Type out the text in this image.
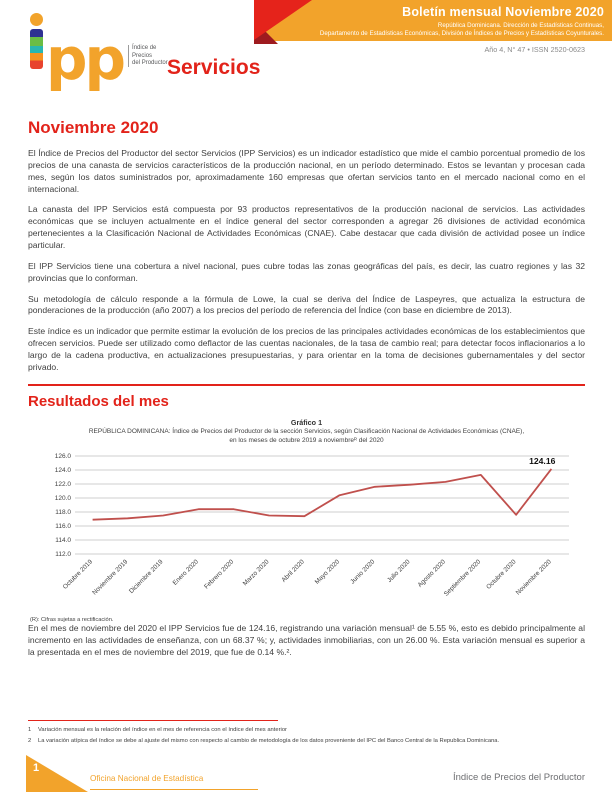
Boletín mensual Noviembre 2020
República Dominicana. Dirección de Estadísticas Continuas,
Departamento de Estadísticas Económicas, División de Índices de Precios y Estadísticas Coyunturales.
Año 4, N° 47 • ISSN 2520-0623
pp Índice de
Precios
del Productor Servicios
Noviembre 2020

El Índice de Precios del Productor del sector Servicios (IPP Servicios) es un indicador estadístico que mide el cambio porcentual promedio de los precios de una canasta de servicios característicos de la producción nacional, en un período determinado. Estos se levantan y procesan cada mes, según los datos suministrados por, aproximadamente 160 empresas que ofertan servicios tanto en el mercado nacional como en el internacional.

La canasta del IPP Servicios está compuesta por 93 productos representativos de la producción nacional de servicios. Las actividades económicas que se incluyen actualmente en el índice general del sector corresponden a agregar 26 divisiones de actividad económica pertenecientes a la Clasificación Nacional de Actividades Económicas (CNAE). Cabe destacar que cada división de actividad posee un índice particular.

El IPP Servicios tiene una cobertura a nivel nacional, pues cubre todas las zonas geográficas del país, es decir, las cuatro regiones y las 32 provincias que lo conforman.

Su metodología de cálculo responde a la fórmula de Lowe, la cual se deriva del Índice de Laspeyres, que actualiza la estructura de ponderaciones de la producción (año 2007) a los precios del período de referencia del Índice (con base en diciembre de 2013).

Este índice es un indicador que permite estimar la evolución de los precios de las principales actividades económicas de los establecimientos que ofrecen servicios. Puede ser utilizado como deflactor de las cuentas nacionales, de la tasa de cambio real; para detectar focos inflacionarios a lo largo de la cadena productiva, en actualizaciones presupuestarias, y para orientar en la toma de decisiones gubernamentales y del sector privado.

Resultados del mes
Gráfico 1
REPÚBLICA DOMINICANA: Índice de Precios del Productor de la sección Servicios, según Clasificación Nacional de Actividades Económicas (CNAE),
en los meses de octubre 2019 a noviembreᴿ del 2020
112.0
114.0
116.0
118.0
120.0
122.0
124.0
126.0
Octubre 2019
Noviembre 2019
Diciembre 2019 Enero 2020 Febrero 2020 Marzo 2020 Abril 2020 Mayo 2020 Junio 2020 Julio 2020 Agosto 2020
Septiembre 2020 Octubre 2020
Noviembre 2020
124.16
(R): Cifras sujetas a rectificación.

En el mes de noviembre del 2020 el IPP Servicios fue de 124.16, registrando una variación mensual¹ de 5.55 %, esto es debido principalmente al incremento en las actividades de enseñanza, con un 68.37 %; y, actividades inmobiliarias, con un 26.00 %. Esta variación mensual es superior a la presentada en el mes de noviembre del 2019, que fue de 0.14 %.².

1	Variación mensual es la relación del índice en el mes de referencia con el índice del mes anterior
2	La variación atípica del índice se debe al ajuste del mismo con respecto al cambio de metodología de los datos proveniente del IPC del Banco Central de la Republica Dominicana.
1
Oficina Nacional de Estadística	Índice de Precios del Productor
